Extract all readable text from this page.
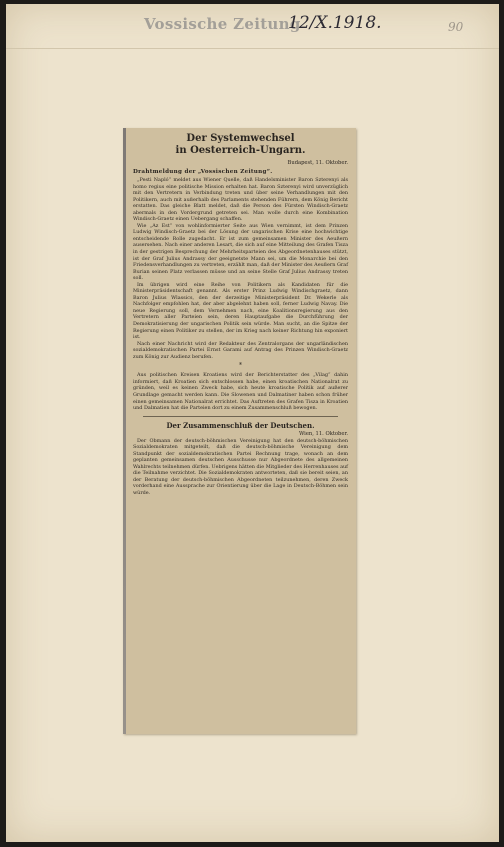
Vossische Zeitung
12/X.1918.	90
Der Systemwechsel
in Oesterreich-Ungarn.

Budapest, 11. Oktober.

Drahtmeldung der „Vossischen Zeitung“.

„Pesti Napló“ meldet aus Wiener Quelle, daß Handelsminister Baron Szterenyi als homo regius eine politische Mission erhalten hat. Baron Szterenyi wird unverzüglich mit den Vertretern in Verbindung treten und über seine Verhandlungen mit den Politikern, auch mit außerhalb des Parlaments stehenden Führern, dem König Bericht erstatten. Das gleiche Blatt meldet, daß die Person des Fürsten Windisch-Graetz abermals in den Vordergrund getreten sei. Man wolle durch eine Kombination Windisch-Graetz einen Uebergang schaffen.

Wie „Az Est“ von wohlinformierter Seite aus Wien vernimmt, ist dem Prinzen Ludwig Windisch-Graetz bei der Lösung der ungarischen Krise eine hochwichtige entscheidende Rolle zugedacht. Er ist zum gemeinsamen Minister des Aeußern ausersehen. Nach einer anderen Lesart, die sich auf eine Mitteilung des Grafen Tisza in der gestrigen Besprechung der Mehrheitsparteien des Abgeordnetenhauses stützt, ist der Graf Julius Andrassy der geeignetste Mann sei, um die Monarchie bei den Friedensverhandlungen zu vertreten, erzählt man, daß der Minister des Aeußern Graf Burian seinen Platz verlassen müsse und an seine Stelle Graf Julius Andrassy treten soll.

Im übrigen wird eine Reihe von Politikern als Kandidaten für die Ministerpräsidentschaft genannt. Als erster Prinz Ludwig Windischgraetz, dann Baron Julius Wlassics, den der derzeitige Ministerpräsident Dr. Wekerle als Nachfolger empfohlen hat, der aber abgelehnt haben soll, ferner Ludwig Navay. Die neue Regierung soll, dem Vernehmen nach, eine Koalitionsregierung aus den Vertretern aller Parteien sein, deren Hauptaufgabe die Durchführung der Demokratisierung der ungarischen Politik sein würde. Man sucht, an die Spitze der Regierung einen Politiker zu stellen, der im Krieg nach keiner Richtung hin exponiert ist.

Nach einer Nachricht wird der Redakteur des Zentralorgans der ungarländischen sozialdemokratischen Partei Ernst Garami auf Antrag des Prinzen Windisch-Graetz zum König zur Audienz berufen.

*

Aus politischen Kreisen Kroatiens wird der Berichterstatter des „Vilag“ dahin informiert, daß Kroatien sich entschlossen habe, einen kroatischen Nationalrat zu gründen, weil es keinen Zweck habe, sich heute kroatische Politik auf außerer Grundlage gemacht werden kann. Die Slowenen und Dalmatiner haben schon früher einen gemeinsamen Nationalrat errichtet. Das Auftreten des Grafen Tisza in Kroatien und Dalmatien hat die Parteien dort zu einem Zusammenschluß bewogen.

Der Zusammenschluß der Deutschen.

Wien, 11. Oktober.

Der Obmann der deutsch-böhmischen Vereinigung hat den deutsch-böhmischen Sozialdemokraten mitgeteilt, daß die deutsch-böhmische Vereinigung dem Standpunkt der sozialdemokratischen Partei Rechnung trage, wonach an dem geplanten gemeinsamen deutschen Ausschusse nur Abgeordnete des allgemeinen Wahlrechts teilnehmen dürfen. Uebrigens hätten die Mitglieder des Herrenhauses auf die Teilnahme verzichtet. Die Sozialdemokraten antworteten, daß sie bereit seien, an der Beratung der deutsch-böhmischen Abgeordneten teilzunehmen, deren Zweck vorderhand eine Aussprache zur Orientierung über die Lage in Deutsch-Böhmen sein würde.
